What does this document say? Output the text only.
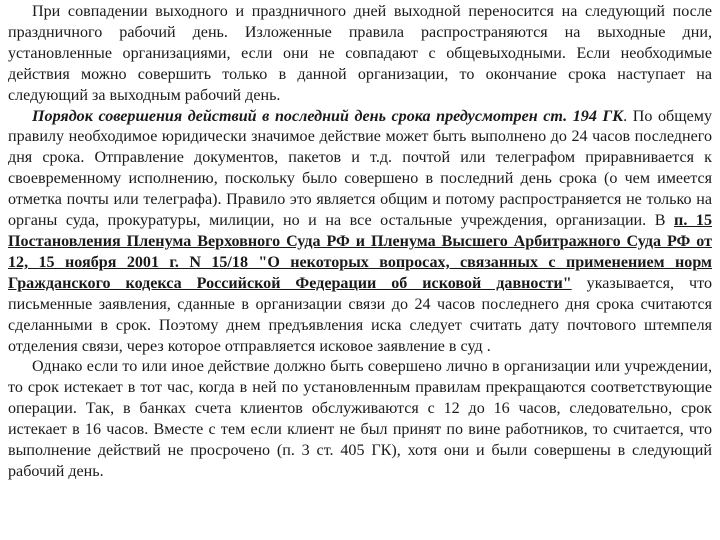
При совпадении выходного и праздничного дней выходной переносится на следующий после праздничного рабочий день. Изложенные правила распространяются на выходные дни, установленные организациями, если они не совпадают с общевыходными. Если необходимые действия можно совершить только в данной организации, то окончание срока наступает на следующий за выходным рабочий день.

Порядок совершения действий в последний день срока предусмотрен ст. 194 ГК. По общему правилу необходимое юридически значимое действие может быть выполнено до 24 часов последнего дня срока. Отправление документов, пакетов и т.д. почтой или телеграфом приравнивается к своевременному исполнению, поскольку было совершено в последний день срока (о чем имеется отметка почты или телеграфа). Правило это является общим и потому распространяется не только на органы суда, прокуратуры, милиции, но и на все остальные учреждения, организации. В п. 15 Постановления Пленума Верховного Суда РФ и Пленума Высшего Арбитражного Суда РФ от 12, 15 ноября 2001 г. N 15/18 "О некоторых вопросах, связанных с применением норм Гражданского кодекса Российской Федерации об исковой давности" указывается, что письменные заявления, сданные в организации связи до 24 часов последнего дня срока считаются сделанными в срок. Поэтому днем предъявления иска следует считать дату почтового штемпеля отделения связи, через которое отправляется исковое заявление в суд .

Однако если то или иное действие должно быть совершено лично в организации или учреждении, то срок истекает в тот час, когда в ней по установленным правилам прекращаются соответствующие операции. Так, в банках счета клиентов обслуживаются с 12 до 16 часов, следовательно, срок истекает в 16 часов. Вместе с тем если клиент не был принят по вине работников, то считается, что выполнение действий не просрочено (п. 3 ст. 405 ГК), хотя они и были совершены в следующий рабочий день.
